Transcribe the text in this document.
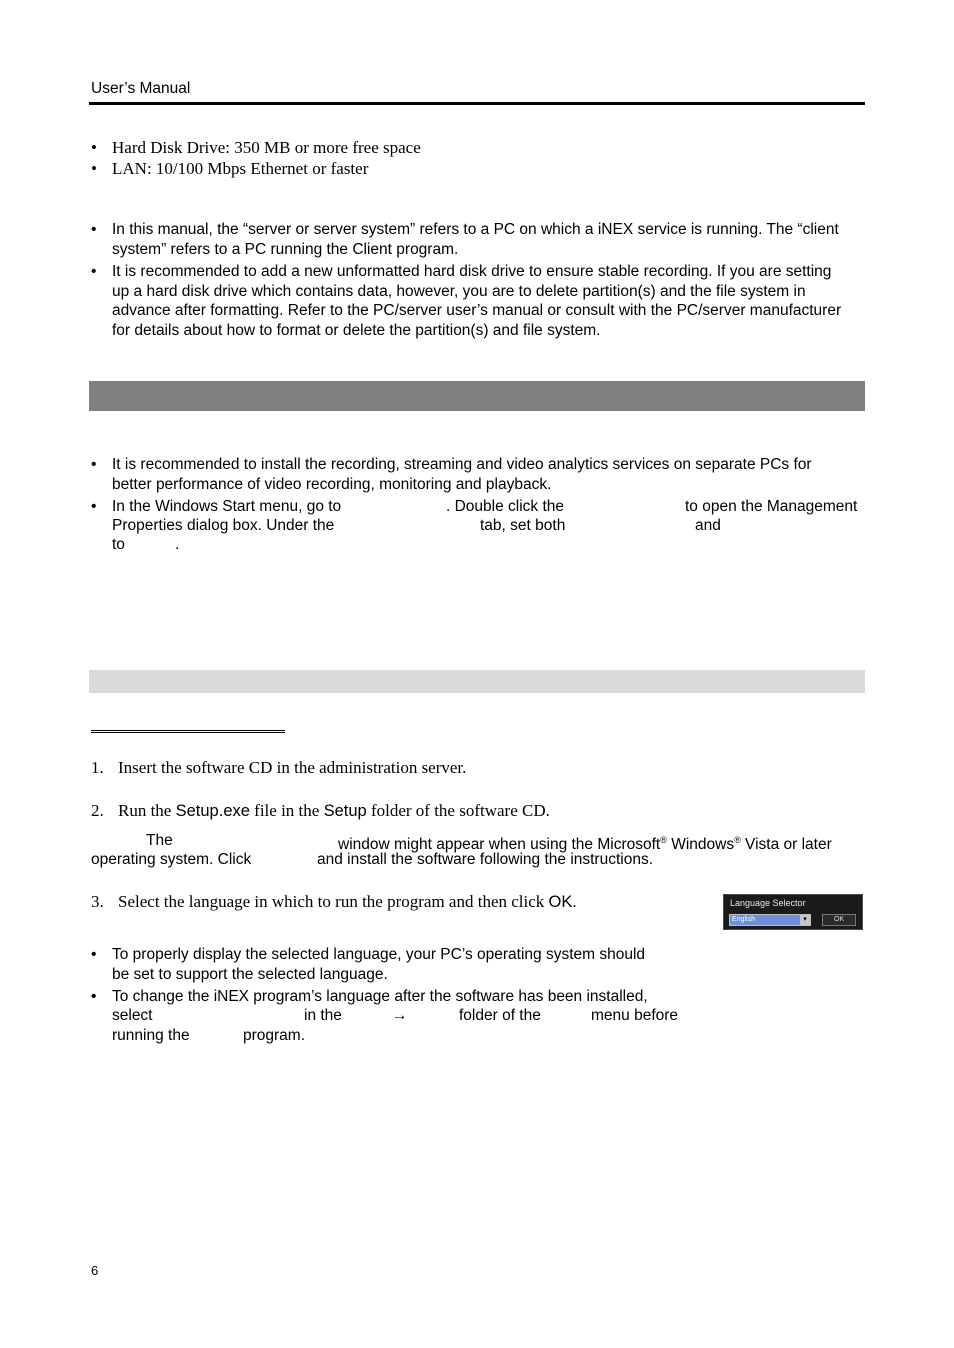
User’s Manual
• Hard Disk Drive: 350 MB or more free space
• LAN: 10/100 Mbps Ethernet or faster
• In this manual, the “server or server system” refers to a PC on which a iNEX service is running. The “client
system” refers to a PC running the Client program.
• It is recommended to add a new unformatted hard disk drive to ensure stable recording. If you are setting
up a hard disk drive which contains data, however, you are to delete partition(s) and the file system in
advance after formatting. Refer to the PC/server user’s manual or consult with the PC/server manufacturer
for details about how to format or delete the partition(s) and file system.
• It is recommended to install the recording, streaming and video analytics services on separate PCs for
better performance of video recording, monitoring and playback.
• In the Windows Start menu, go to	. Double click the	to open the Management
Properties dialog box. Under the	tab, set both	and
to	.
1. Insert the software CD in the administration server.
2. Run the Setup.exe file in the Setup folder of the software CD.
The	window might appear when using the Microsoft® Windows® Vista or later
operating system. Click	and install the software following the instructions.
3. Select the language in which to run the program and then click OK.	Language Selector
English	▾	OK
• To properly display the selected language, your PC’s operating system should
be set to support the selected language.
• To change the iNEX program’s language after the software has been installed,
select	in the	→	folder of the	menu before
running the	program.
6
